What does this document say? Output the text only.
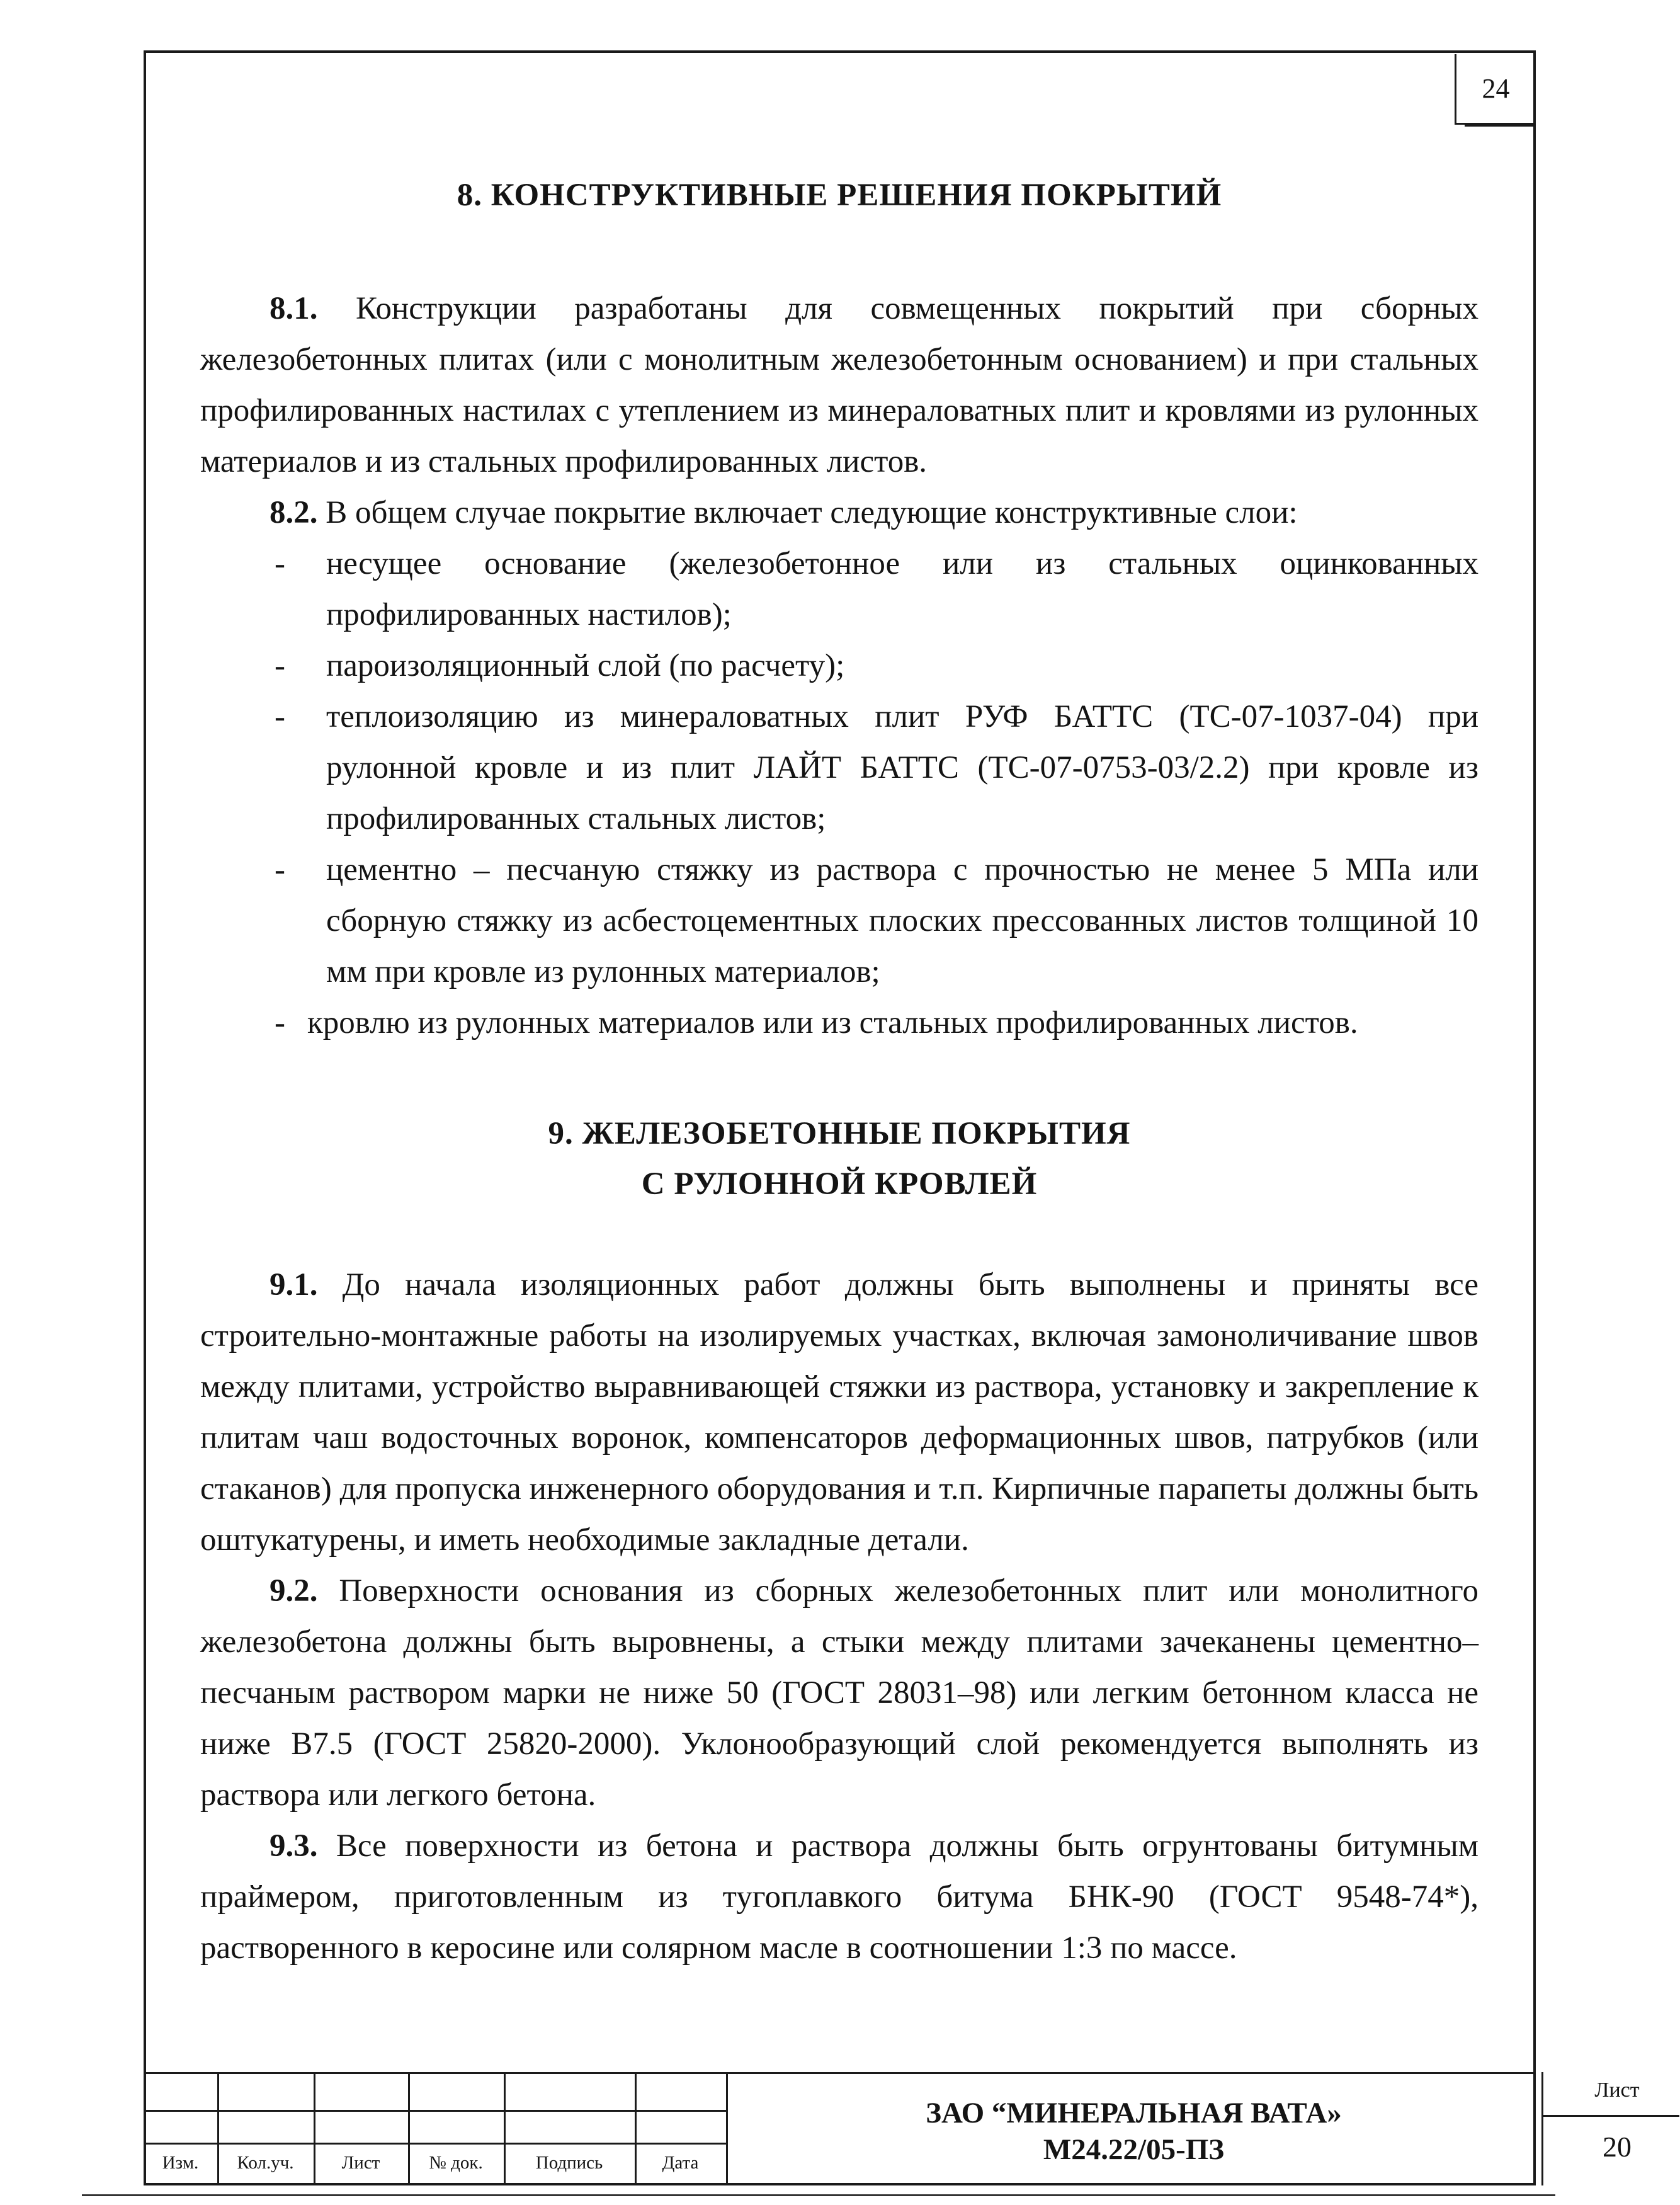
24
8. КОНСТРУКТИВНЫЕ РЕШЕНИЯ ПОКРЫТИЙ

8.1. Конструкции разработаны для совмещенных покрытий при сборных железобетонных плитах (или с монолитным железобетонным основанием) и при стальных профилированных настилах с утеплением из минераловатных плит и кровлями из рулонных материалов и из стальных профилированных листов.

8.2. В общем случае покрытие включает следующие конструктивные слои:

- несущее основание (железобетонное или из стальных оцинкованных профилированных настилов);
- пароизоляционный слой (по расчету);
- теплоизоляцию из минераловатных плит РУФ БАТТС (ТС-07-1037-04) при рулонной кровле и из плит ЛАЙТ БАТТС (ТС-07-0753-03/2.2) при кровле из профилированных стальных листов;
- цементно – песчаную стяжку из раствора с прочностью не менее 5 МПа или сборную стяжку из асбестоцементных плоских прессованных листов толщиной 10 мм при кровле из рулонных материалов;
- кровлю из рулонных материалов или из стальных профилированных листов.
9. ЖЕЛЕЗОБЕТОННЫЕ ПОКРЫТИЯ
С РУЛОННОЙ КРОВЛЕЙ

9.1. До начала изоляционных работ должны быть выполнены и приняты все строительно-монтажные работы на изолируемых участках, включая замоноличивание швов между плитами, устройство выравнивающей стяжки из раствора, установку и закрепление к плитам чаш водосточных воронок, компенсаторов деформационных швов, патрубков (или стаканов) для пропуска инженерного оборудования и т.п. Кирпичные парапеты должны быть оштукатурены, и иметь необходимые закладные детали.

9.2. Поверхности основания из сборных железобетонных плит или монолитного железобетона должны быть выровнены, а стыки между плитами зачеканены цементно–песчаным раствором марки не ниже 50 (ГОСТ 28031–98) или легким бетонном класса не ниже В7.5 (ГОСТ 25820-2000). Уклонообразующий слой рекомендуется выполнять из раствора или легкого бетона.

9.3. Все поверхности из бетона и раствора должны быть огрунтованы битумным праймером, приготовленным из тугоплавкого битума БНК-90 (ГОСТ 9548-74*), растворенного в керосине или солярном масле в соотношении 1:3 по массе.

Изм.	Кол.уч.	Лист	№ док.	Подпись	Дата
ЗАО “МИНЕРАЛЬНАЯ ВАТА»
М24.22/05-ПЗ
Лист
20
